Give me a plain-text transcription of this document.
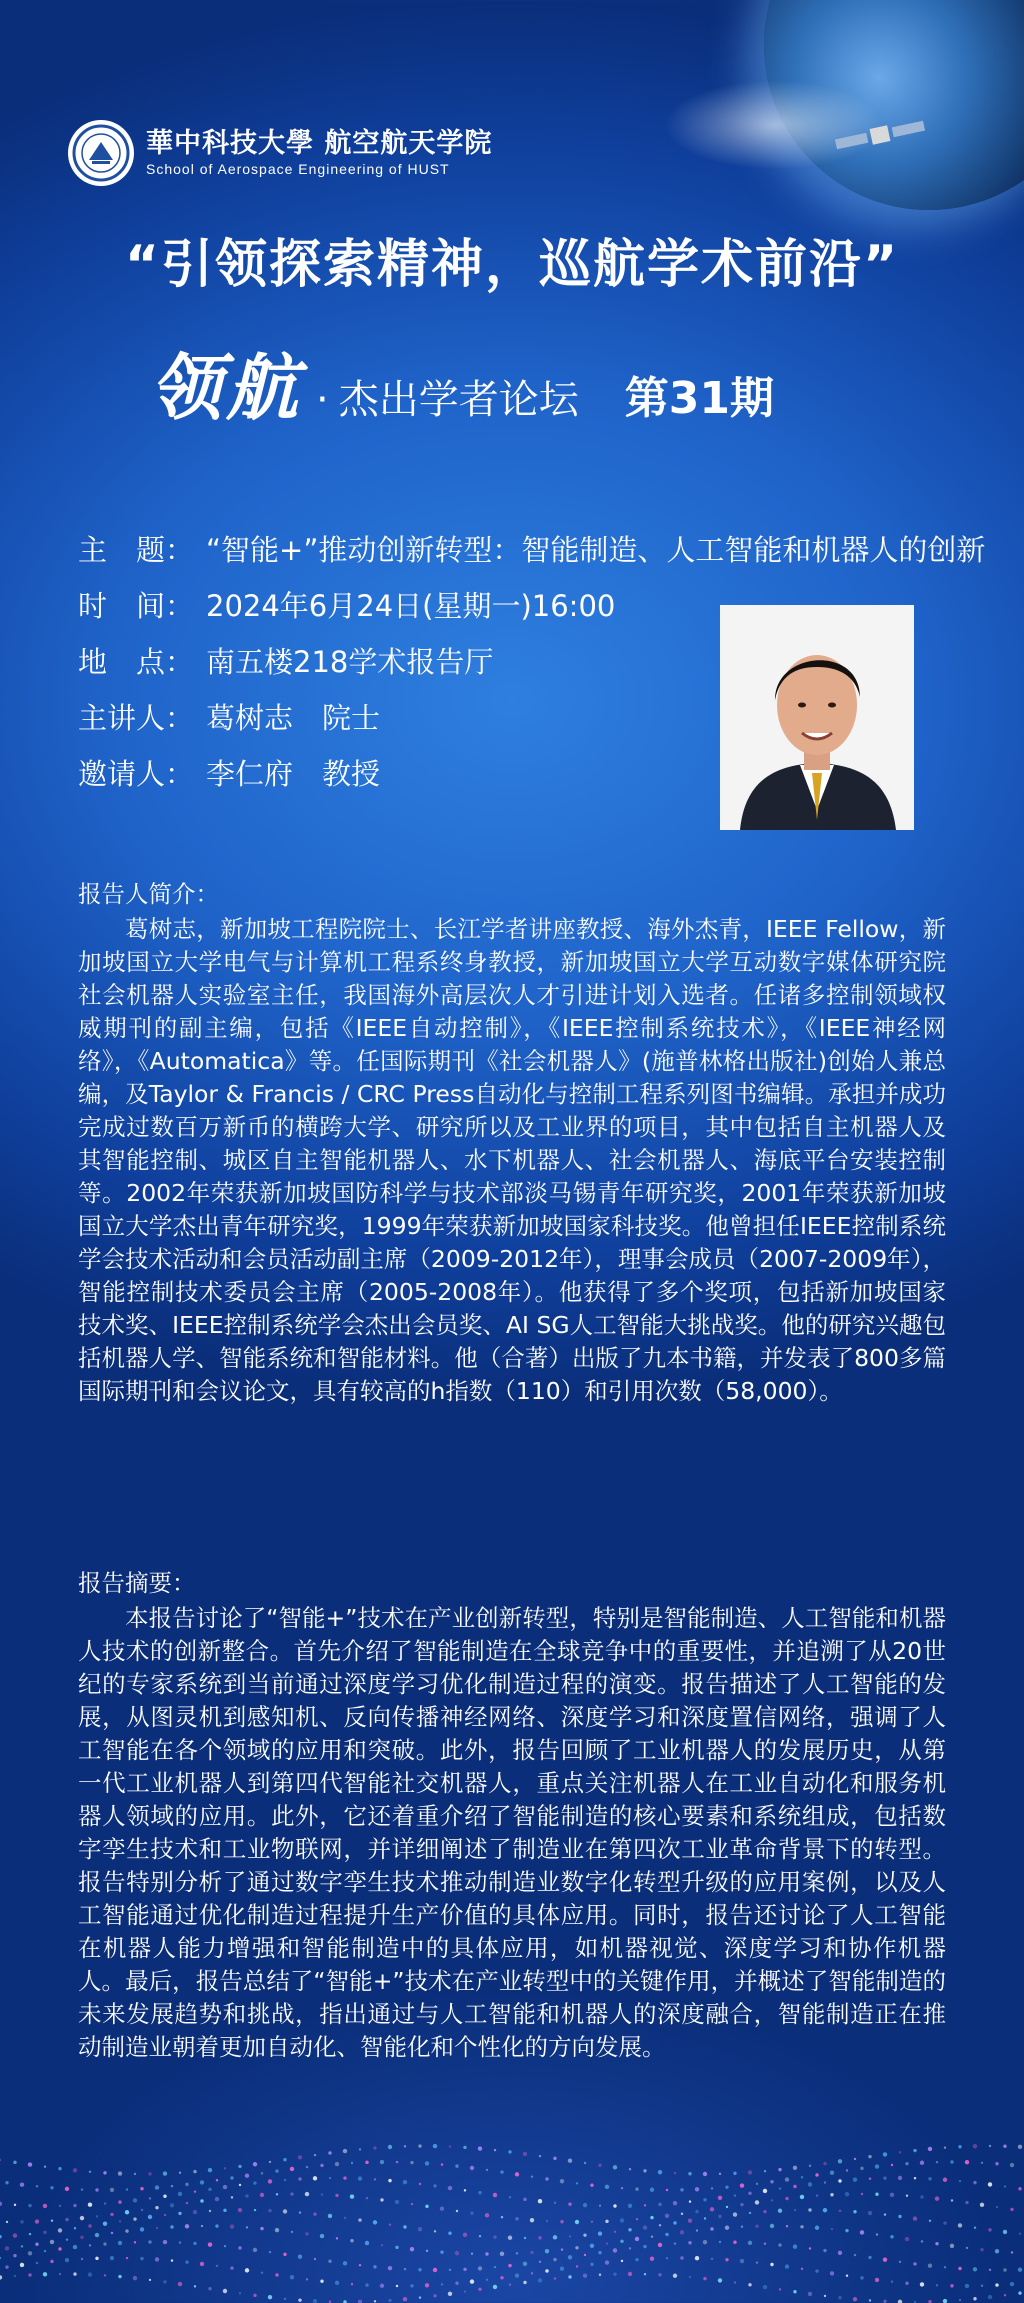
華中科技大學 航空航天学院
School of Aerospace Engineering of HUST
“引领探索精神，巡航学术前沿”
领航 · 杰出学者论坛 第31期
主　题： “智能+”推动创新转型：智能制造、人工智能和机器人的创新
时　间： 2024年6月24日(星期一)16:00
地　点： 南五楼218学术报告厅
主讲人： 葛树志　院士
邀请人： 李仁府　教授
报告人简介：
葛树志，新加坡工程院院士、长江学者讲座教授、海外杰青，IEEE Fellow，新加坡国立大学电气与计算机工程系终身教授，新加坡国立大学互动数字媒体研究院社会机器人实验室主任，我国海外高层次人才引进计划入选者。任诸多控制领域权威期刊的副主编，包括《IEEE自动控制》，《IEEE控制系统技术》，《IEEE神经网络》，《Automatica》等。任国际期刊《社会机器人》(施普林格出版社)创始人兼总编，及Taylor & Francis / CRC Press自动化与控制工程系列图书编辑。承担并成功完成过数百万新币的横跨大学、研究所以及工业界的项目，其中包括自主机器人及其智能控制、城区自主智能机器人、水下机器人、社会机器人、海底平台安装控制等。2002年荣获新加坡国防科学与技术部淡马锡青年研究奖，2001年荣获新加坡国立大学杰出青年研究奖，1999年荣获新加坡国家科技奖。他曾担任IEEE控制系统学会技术活动和会员活动副主席（2009-2012年），理事会成员（2007-2009年），智能控制技术委员会主席（2005-2008年）。他获得了多个奖项，包括新加坡国家技术奖、IEEE控制系统学会杰出会员奖、AI SG人工智能大挑战奖。他的研究兴趣包括机器人学、智能系统和智能材料。他（合著）出版了九本书籍，并发表了800多篇国际期刊和会议论文，具有较高的h指数（110）和引用次数（58,000）。
报告摘要：
本报告讨论了“智能+”技术在产业创新转型，特别是智能制造、人工智能和机器人技术的创新整合。首先介绍了智能制造在全球竞争中的重要性，并追溯了从20世纪的专家系统到当前通过深度学习优化制造过程的演变。报告描述了人工智能的发展，从图灵机到感知机、反向传播神经网络、深度学习和深度置信网络，强调了人工智能在各个领域的应用和突破。此外，报告回顾了工业机器人的发展历史，从第一代工业机器人到第四代智能社交机器人，重点关注机器人在工业自动化和服务机器人领域的应用。此外，它还着重介绍了智能制造的核心要素和系统组成，包括数字孪生技术和工业物联网，并详细阐述了制造业在第四次工业革命背景下的转型。报告特别分析了通过数字孪生技术推动制造业数字化转型升级的应用案例，以及人工智能通过优化制造过程提升生产价值的具体应用。同时，报告还讨论了人工智能在机器人能力增强和智能制造中的具体应用，如机器视觉、深度学习和协作机器人。最后，报告总结了“智能+”技术在产业转型中的关键作用，并概述了智能制造的未来发展趋势和挑战，指出通过与人工智能和机器人的深度融合，智能制造正在推动制造业朝着更加自动化、智能化和个性化的方向发展。
